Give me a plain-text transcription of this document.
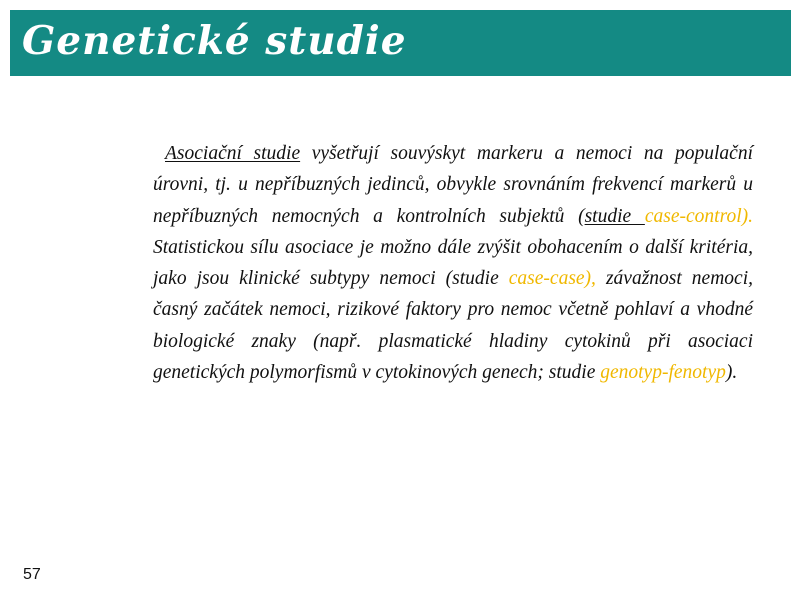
Genetické studie
Asociační studie vyšetřují souvýskyt markeru a nemoci na populační úrovni, tj. u nepříbuzných jedinců, obvykle srovnáním frekvencí markerů u nepříbuzných nemocných a kontrolních subjektů (studie case-control). Statistickou sílu asociace je možno dále zvýšit obohacením o další kritéria, jako jsou klinické subtypy nemoci (studie case-case), závažnost nemoci, časný začátek nemoci, rizikové faktory pro nemoc včetně pohlaví a vhodné biologické znaky (např. plasmatické hladiny cytokinů při asociaci genetických polymorfismů v cytokinových genech; studie genotyp-fenotyp).
57
